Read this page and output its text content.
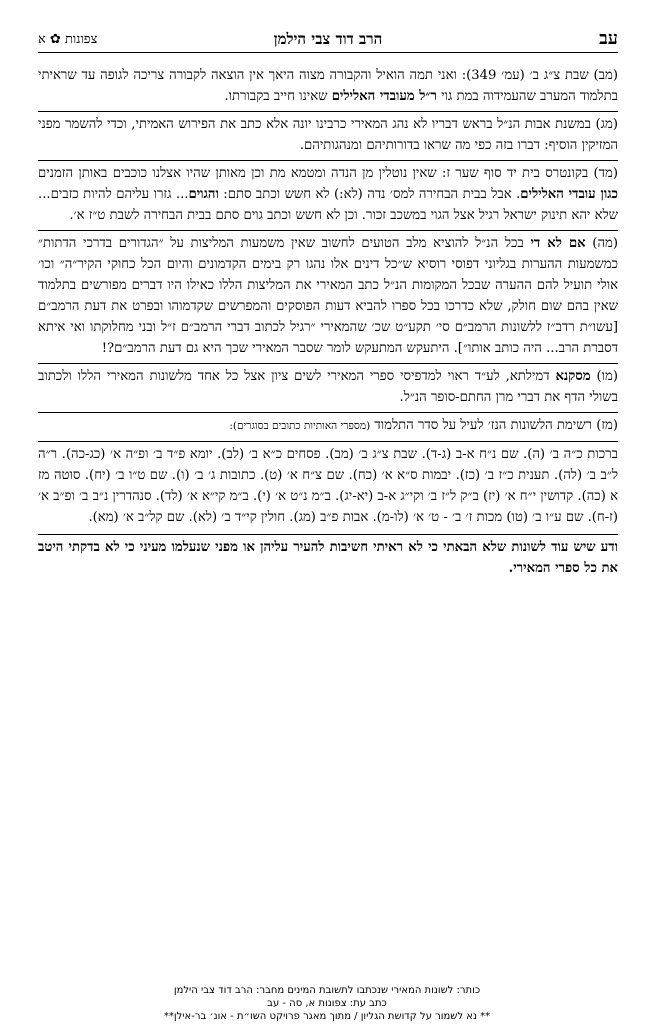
עב
הרב דוד צבי הילמן
צפונות ✿ א

(מב) שבת צ״ג ב׳ (עמ׳ 349): ואני תמה הואיל והקבורה מצוה היאך אין הוצאה לקבורה צריכה לגופה עד שראיתי בתלמוד המערב שהעמידוה במת גוי ר״ל מעובדי האלילים שאינו חייב בקבורתו.

(מג) במשנת אבות הנ״ל בראש דבריו לא נהג המאירי כרבינו יונה אלא כתב את הפירוש האמיתי, וכדי להשמר מפני המזיקין הוסיף: דברו בזה כפי מה שראו בדורותיהם ומנהגותיהם.

(מד) בקונטרס בית יד סוף שער ז: שאין נוטלין מן הנדה ומטמא מת וכן מאותן שהיו אצלנו כוכבים באותן הזמנים כגון עובדי האלילים. אבל בבית הבחירה למס׳ נדה (לא:) לא חשש וכתב סתם: והגוים... גזרו עליהם להיות כזבים... שלא יהא תינוק ישראל רגיל אצל הגוי במשכב זכור. וכן לא חשש וכתב גוים סתם בבית הבחירה לשבת ט״ז א׳.

(מה) אם לא די בכל הנ״ל להוציא מלב הטועים לחשוב שאין משמעות המליצות על ״הגדורים בדרכי הדתות״ כמשמעות ההערות בגליוני דפוסי רוסיא ש״כל דינים אלו נהגו רק בימים הקדמונים והיום הכל כחוקי הקיר״ה״ וכו׳ אולי תועיל להם ההערה שבכל המקומות הנ״ל כתב המאירי את המליצות הללו כאילו היו דברים מפורשים בתלמוד שאין בהם שום חולק, שלא כדרכו בכל ספרו להביא דעות הפוסקים והמפרשים שקדמוהו ובפרט את דעת הרמב״ם [עשו״ת רדב״ז ללשונות הרמב״ם סי׳ תקע״ט שכ׳ שהמאירי ״רגיל לכתוב דברי הרמב״ם ז״ל ובני מחלוקתו ואי איתא דסברת הרב... היה כותב אותו״]. היתעקש המתעקש לומר שסבר המאירי שכך היא גם דעת הרמב״ם?!

(מו) מסקנא דמילתא, לע״ד ראוי למדפיסי ספרי המאירי לשים ציון אצל כל אחד מלשונות המאירי הללו ולכתוב בשולי הדף את דברי מרן החתם-סופר הנ״ל.

(מז) רשימת הלשונות הנז׳ לעיל על סדר התלמוד (מספרי האותיות כתובים בסוגרים):

ברכות כ״ה ב׳ (ה). שם נ״ח א-ב (ג-ד). שבת צ״ג ב׳ (מב). פסחים כ״א ב׳ (לב). יומא פ״ד ב׳ ופ״ה א׳ (כג-כה). ר״ה ל״ב ב׳ (לה). תענית כ״ז ב׳ (כז). יבמות ס״א א׳ (כח). שם צ״ח א׳ (ט). כתובות ג׳ ב׳ (ו). שם ט״ו ב׳ (יח). סוטה מז א (כה). קדושין י״ח א׳ (יז) ב״ק ל״ז ב׳ וקי״ג א-ב (יא-יג). ב״מ נ״ט א׳ (י). ב״מ קי״א א׳ (לד). סנהדרין נ״ב ב׳ ופ״ב א׳ (ז-ח). שם ע״ו ב׳ (טו) מכות ז׳ ב׳ - ט׳ א׳ (לו-מ). אבות פ״ב (מג). חולין קי״ד ב׳ (לא). שם קל״ב א׳ (מא).

ודע שיש עוד לשונות שלא הבאתי כי לא ראיתי חשיבות להעיר עליהן או מפני שנעלמו מעיני כי לא בדקתי היטב את כל ספרי המאירי.

כותר: לשונות המאירי שנכתבו לתשובת המינים מחבר: הרב דוד צבי הילמן
כתב עת: צפונות א, סה - עב
** נא לשמור על קדושת הגליון / מתוך מאגר פרויקט השו״ת - אונ׳ בר-אילן**
